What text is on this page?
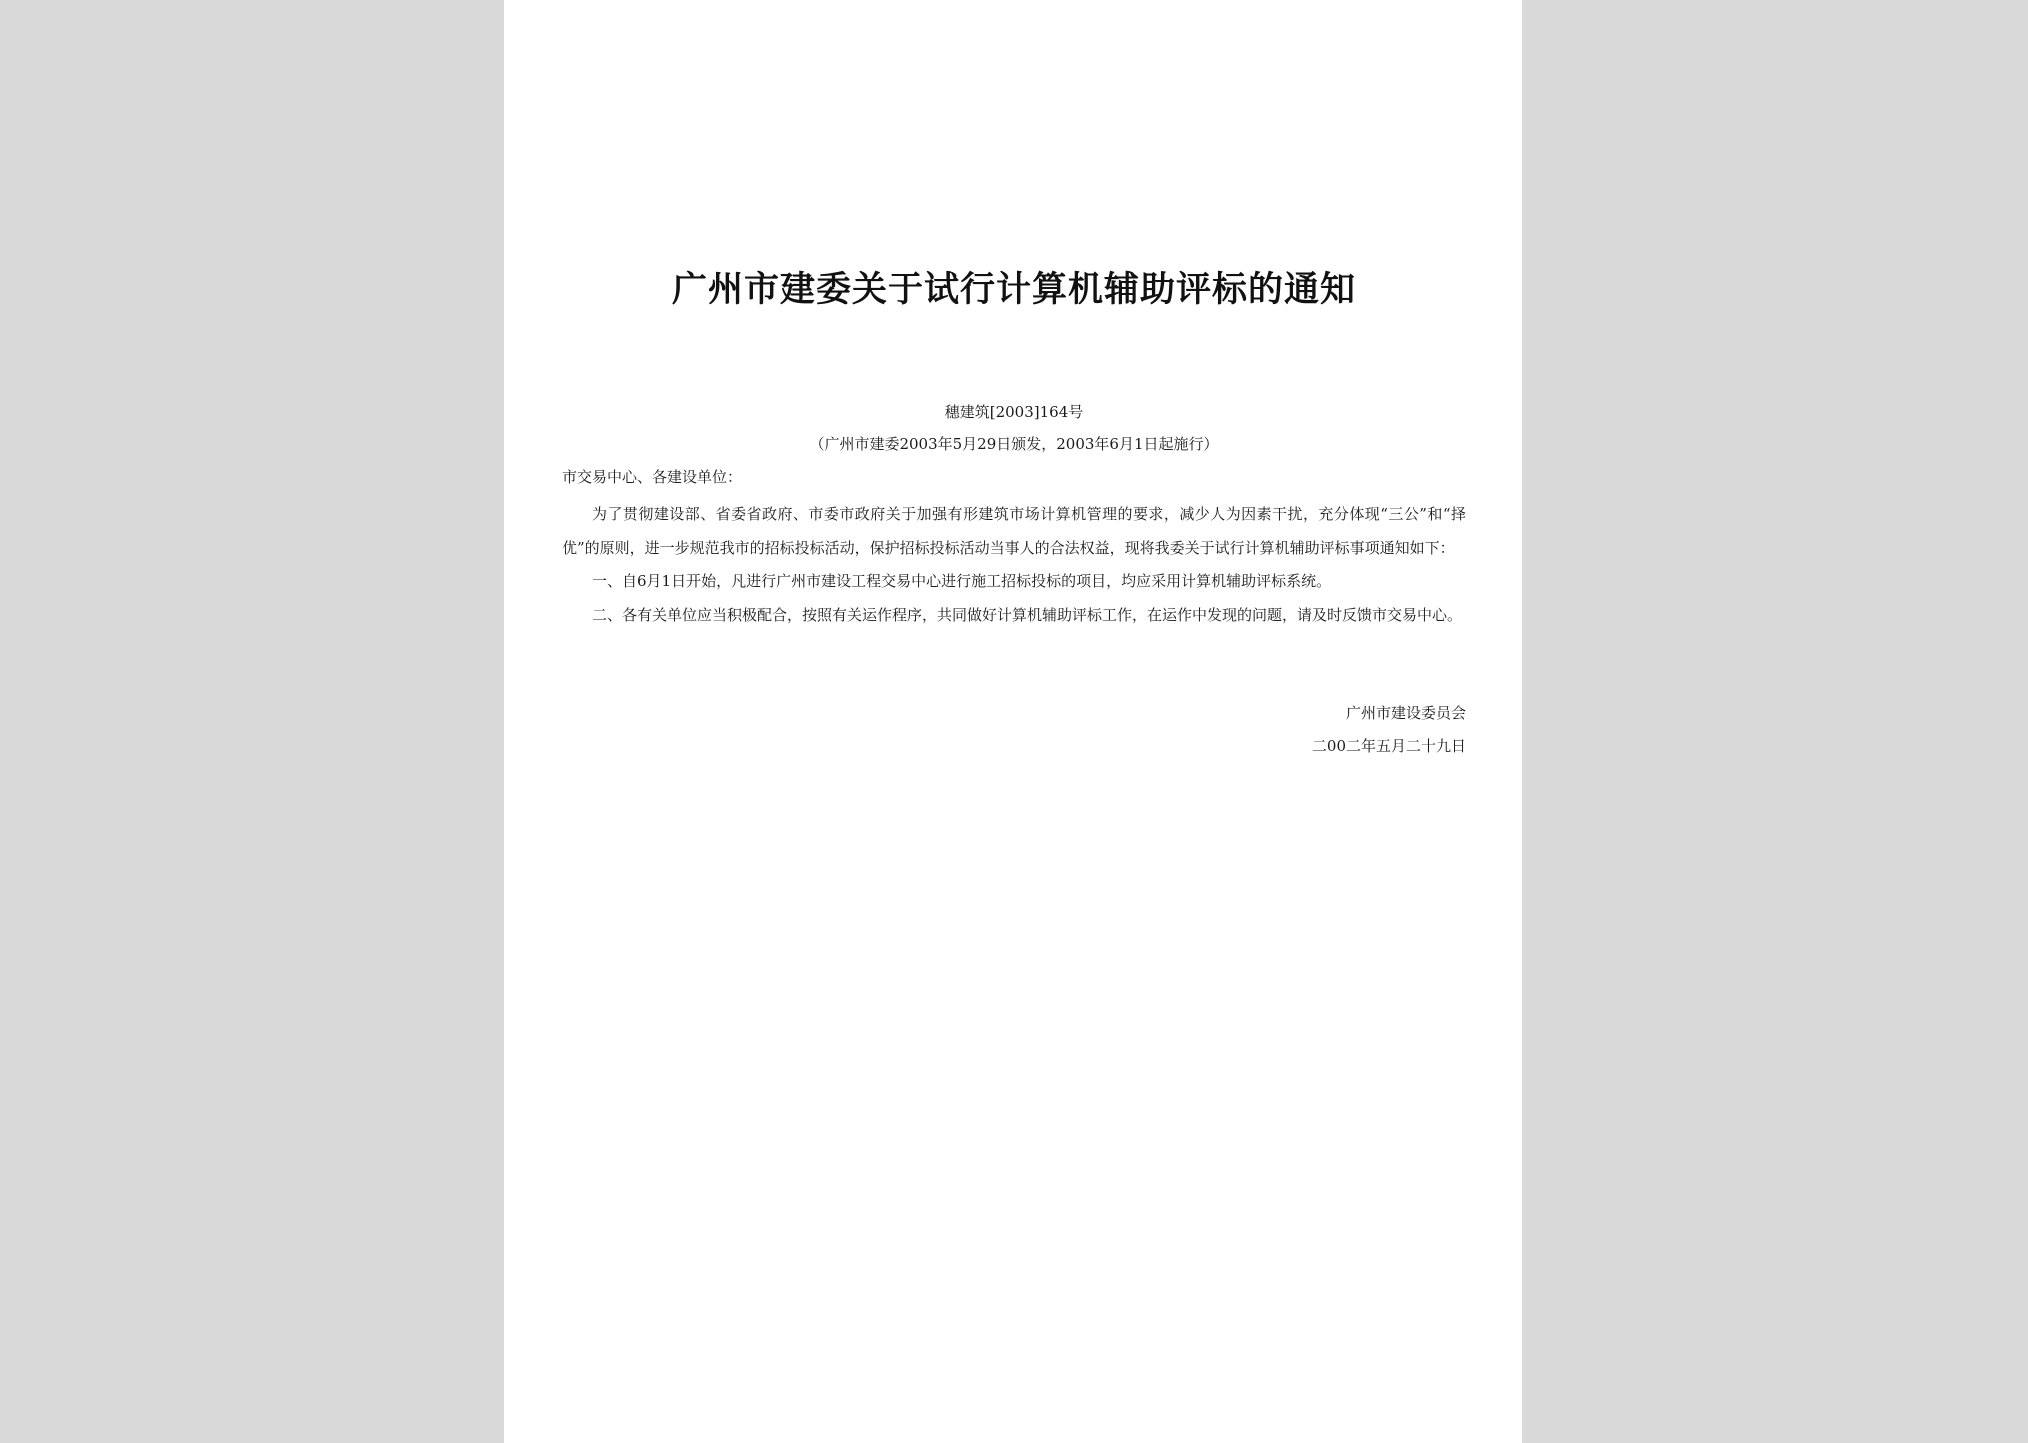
广州市建委关于试行计算机辅助评标的通知
穗建筑[2003]164号
（广州市建委2003年5月29日颁发，2003年6月1日起施行）
市交易中心、各建设单位：

为了贯彻建设部、省委省政府、市委市政府关于加强有形建筑市场计算机管理的要求，减少人为因素干扰，充分体现“三公”和“择优”的原则，进一步规范我市的招标投标活动，保护招标投标活动当事人的合法权益，现将我委关于试行计算机辅助评标事项通知如下：

一、自6月1日开始，凡进行广州市建设工程交易中心进行施工招标投标的项目，均应采用计算机辅助评标系统。

二、各有关单位应当积极配合，按照有关运作程序，共同做好计算机辅助评标工作，在运作中发现的问题，请及时反馈市交易中心。

广州市建设委员会
二00二年五月二十九日
